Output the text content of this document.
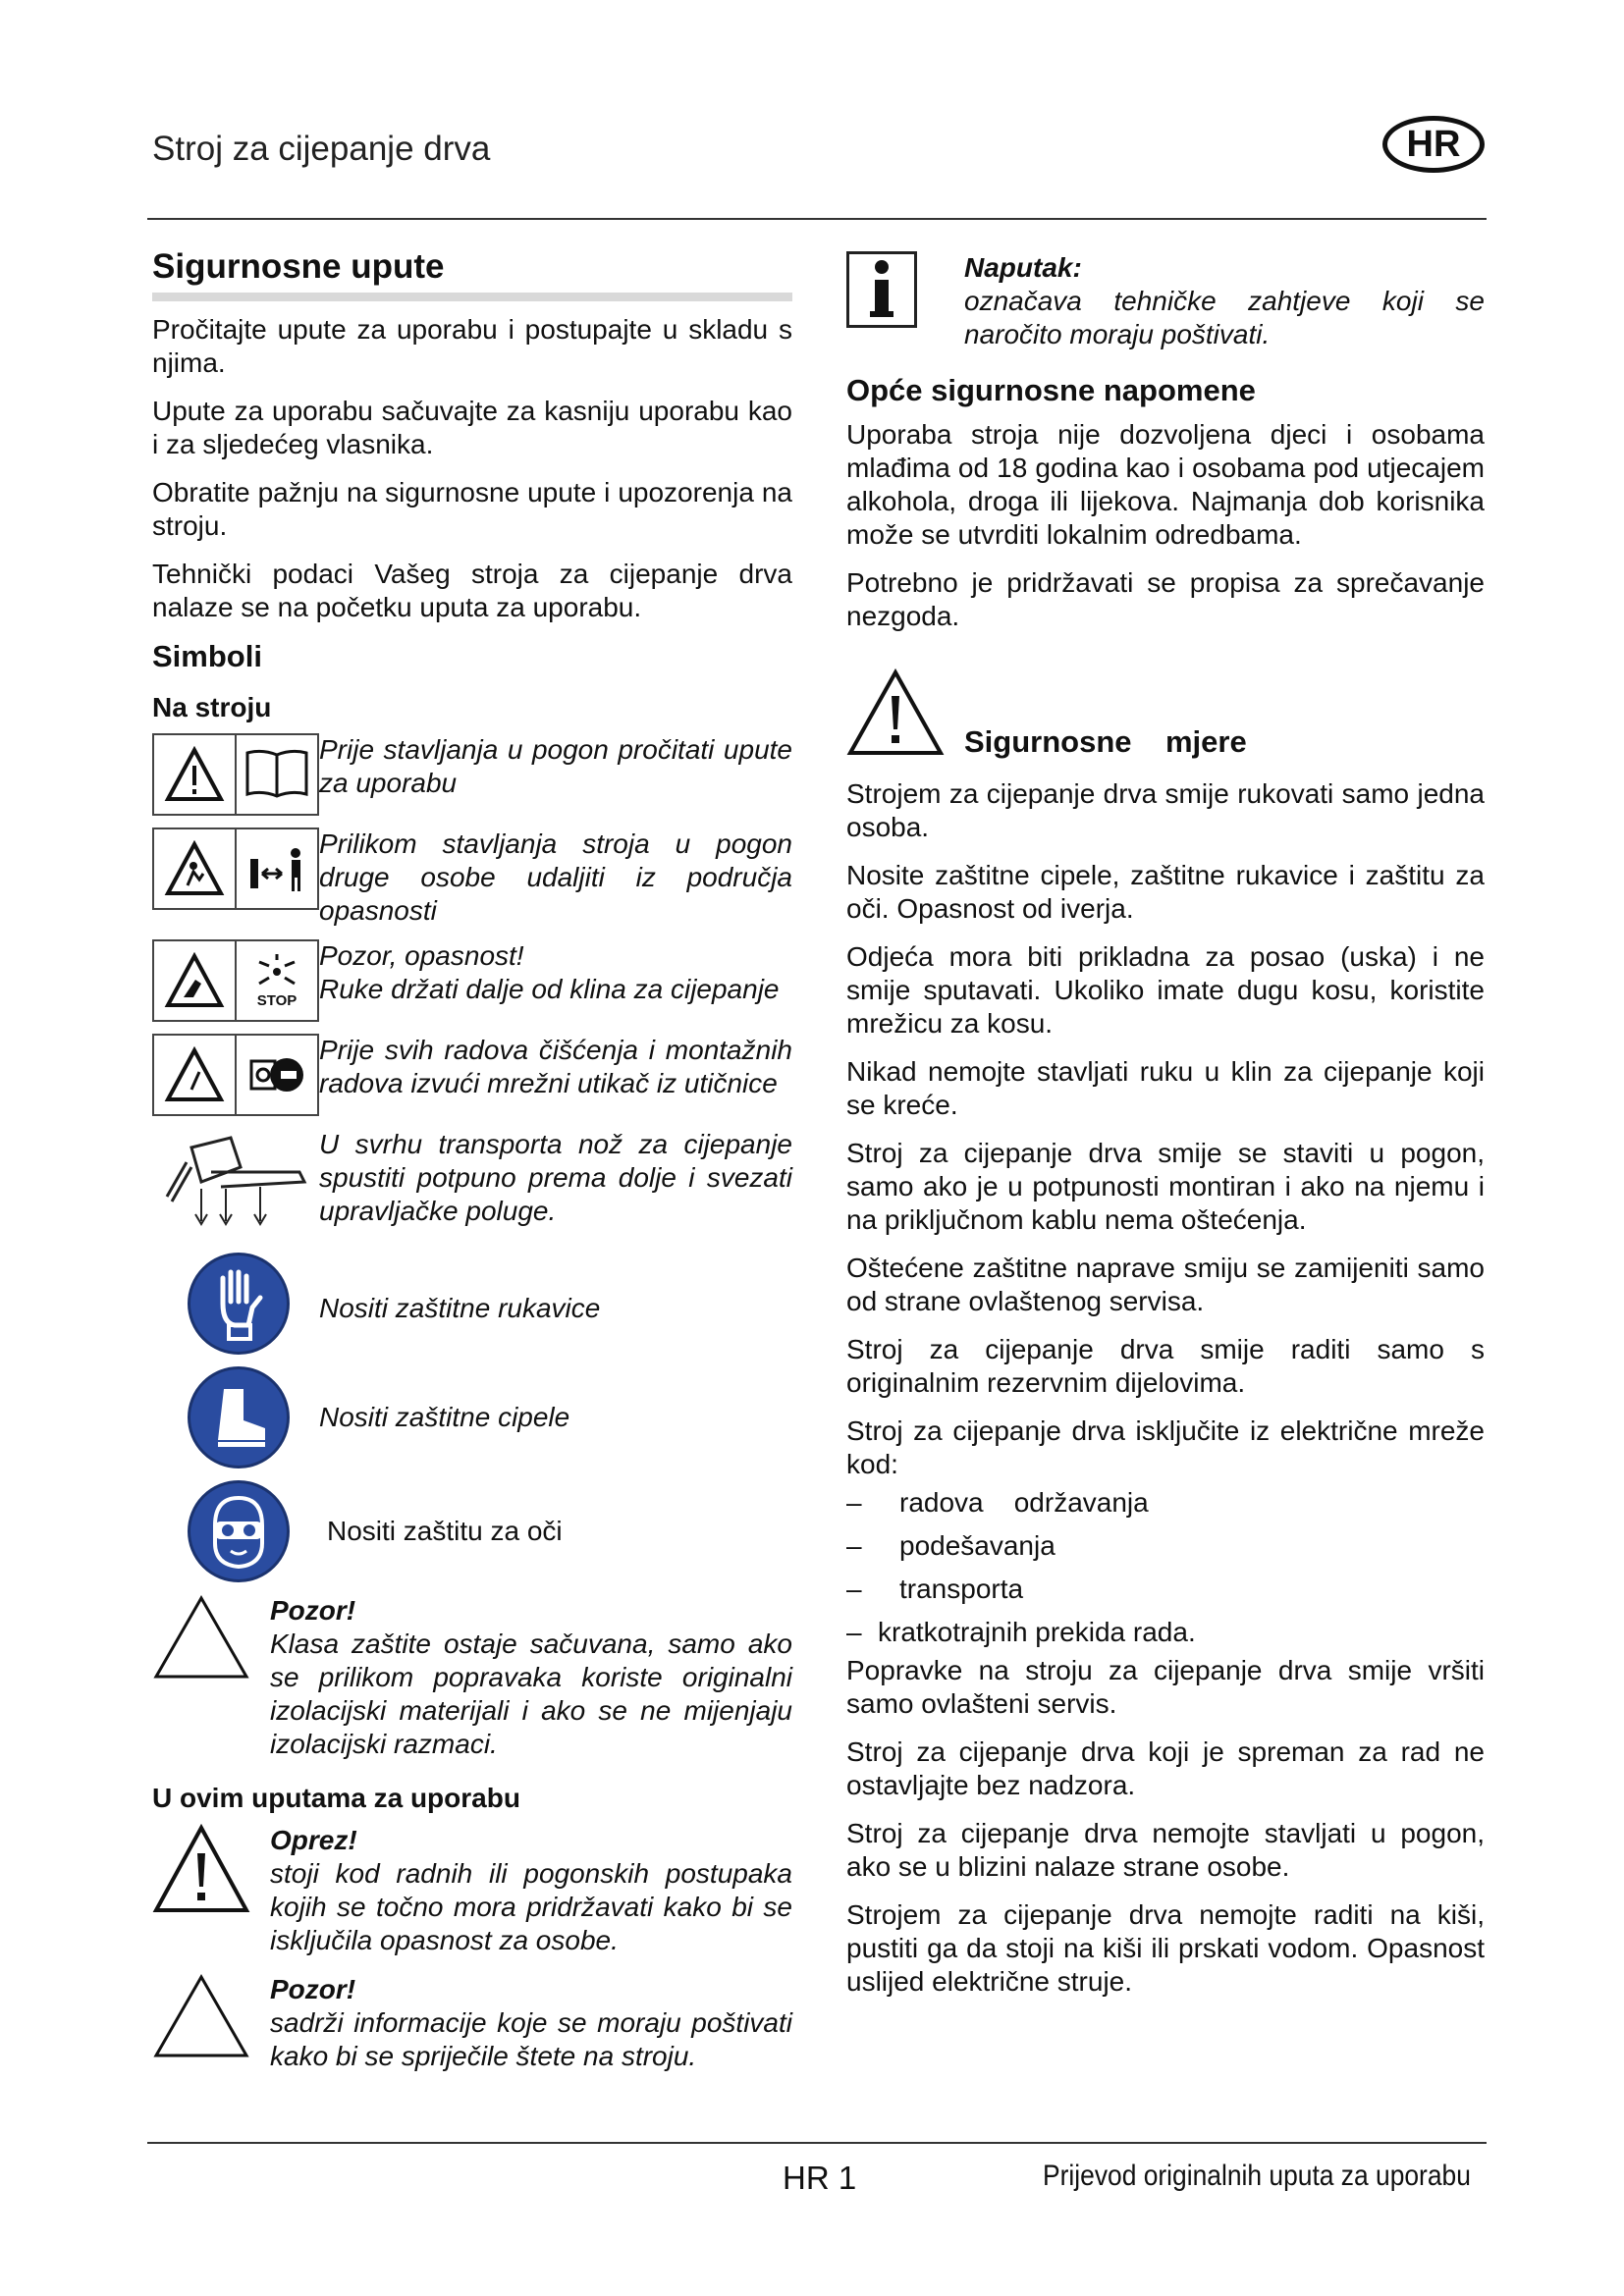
Stroj za cijepanje drva	HR
Sigurnosne upute

Pročitajte upute za uporabu i postupajte u skladu s njima.

Upute za uporabu sačuvajte za kasniju uporabu kao i za sljedećeg vlasnika.

Obratite pažnju na sigurnosne upute i upozorenja na stroju.

Tehnički podaci Vašeg stroja za cijepanje drva nalaze se na početku uputa za uporabu.

Simboli
Na stroju
Prije stavljanja u pogon pročitati upute za uporabu
Prilikom stavljanja stroja u pogon druge osobe udaljiti iz područja opasnosti
STOP
Pozor, opasnost!
Ruke držati dalje od klina za cijepanje
Prije svih radova čišćenja i montažnih radova izvući mrežni utikač iz utičnice
U svrhu transporta nož za cijepanje spustiti potpuno prema dolje i svezati upravljačke poluge.
Nositi zaštitne rukavice
Nositi zaštitne cipele
Nositi zaštitu za oči
Pozor!
Klasa zaštite ostaje sačuvana, samo ako se prilikom popravaka koriste originalni izolacijski materijali i ako se ne mijenjaju izolacijski razmaci.
U ovim uputama za uporabu
Oprez!
stoji kod radnih ili pogonskih postupaka kojih se točno mora pridržavati kako bi se isključila opasnost za osobe.
Pozor!
sadrži informacije koje se moraju poštivati kako bi se spriječile štete na stroju.
Naputak:
označava tehničke zahtjeve koji se naročito moraju poštivati.
Opće sigurnosne napomene

Uporaba stroja nije dozvoljena djeci i osobama mlađima od 18 godina kao i osobama pod utjecajem alkohola, droga ili lijekova. Najmanja dob korisnika može se utvrditi lokalnim odredbama.

Potrebno je pridržavati se propisa za sprečavanje nezgoda.

Sigurnosne    mjere

Strojem za cijepanje drva smije rukovati samo jedna osoba.

Nosite zaštitne cipele, zaštitne rukavice i zaštitu za oči. Opasnost od iverja.

Odjeća mora biti prikladna za posao (uska) i ne smije sputavati. Ukoliko imate dugu kosu, koristite mrežicu za kosu.

Nikad nemojte stavljati ruku u klin za cijepanje koji se kreće.

Stroj za cijepanje drva smije se staviti u pogon, samo ako je u potpunosti montiran i ako na njemu i na priključnom kablu nema oštećenja.

Oštećene zaštitne naprave smiju se zamijeniti samo od strane ovlaštenog servisa.

Stroj za cijepanje drva smije raditi samo s originalnim rezervnim dijelovima.

Stroj za cijepanje drva isključite iz električne mreže kod:

– radova    održavanja
– podešavanja
– transporta
– kratkotrajnih prekida rada.

Popravke na stroju za cijepanje drva smije vršiti samo ovlašteni servis.

Stroj za cijepanje drva koji je spreman za rad ne ostavljajte bez nadzora.

Stroj za cijepanje drva nemojte stavljati u pogon, ako se u blizini nalaze strane osobe.

Strojem za cijepanje drva nemojte raditi na kiši, pustiti ga da stoji na kiši ili prskati vodom. Opasnost uslijed električne struje.

HR 1	Prijevod originalnih uputa za uporabu
